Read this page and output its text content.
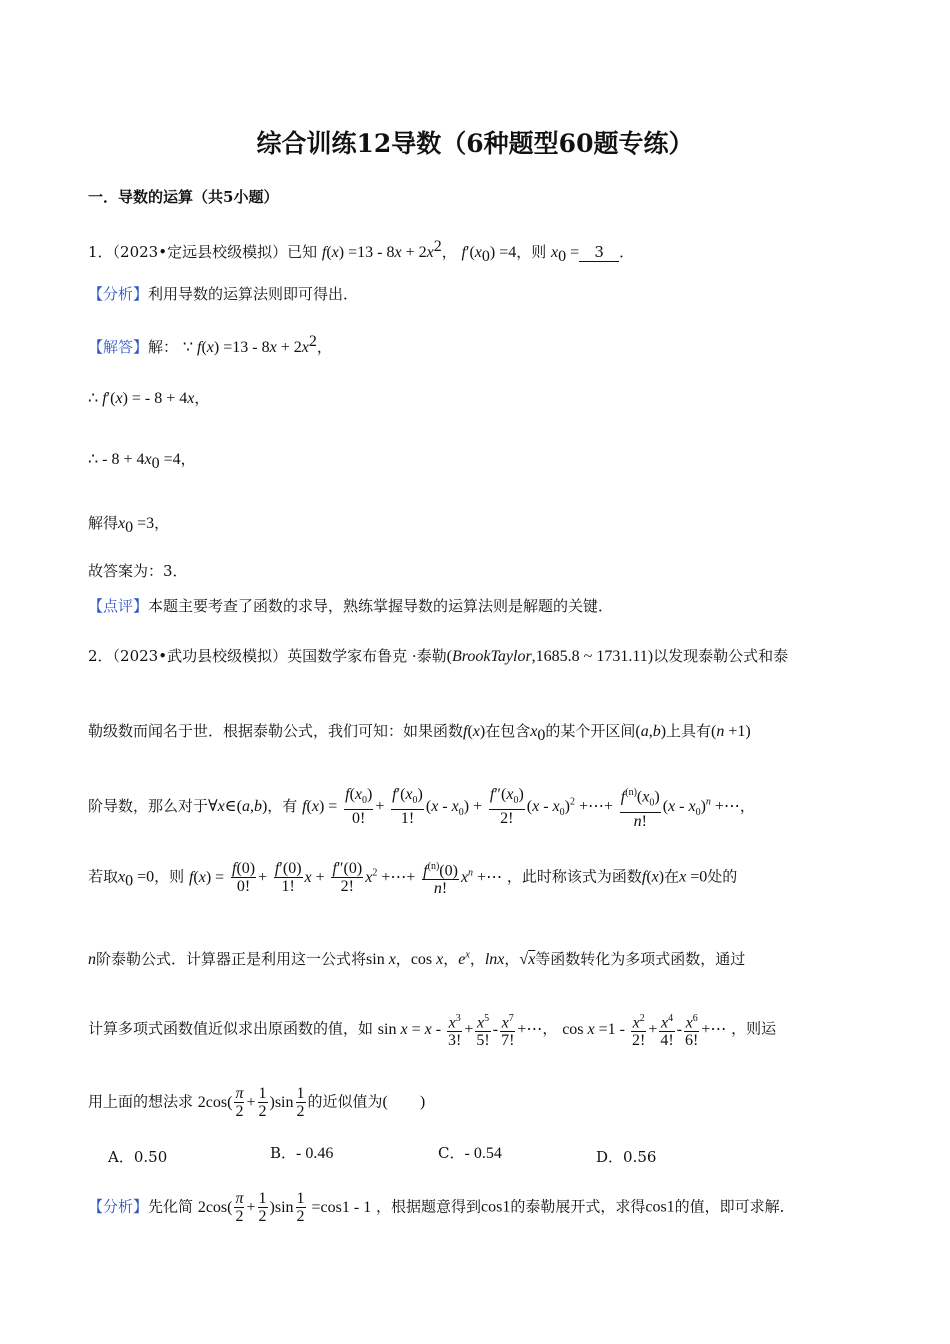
综合训练12导数（6种题型60题专练）
一．导数的运算（共5小题）
1．（2023•定远县校级模拟）已知 $f(x) =13 - 8x + 2x^2$， $f'(x_0) =4$，则 $x_0 = 3$ ．
【分析】利用导数的运算法则即可得出．
【解答】解： ∵ $f(x) =13 - 8x + 2x^2$，
∴ f′(x) = - 8 + 4x，
∴ - $8 + 4x_0 =4$，
解得$x_0 =3$，
故答案为：3．
【点评】本题主要考查了函数的求导，熟练掌握导数的运算法则是解题的关键．
2．（2023•武功县校级模拟）英国数学家布鲁克 ·泰勒(BrookTaylor,1685.8 ~ 1731.11)以发现泰勒公式和泰
勒级数而闻名于世．根据泰勒公式，我们可知：如果函数f(x)在包含$x_0$的某个开区间(a,b)上具有(n +1)
阶导数，那么对于∀x∈(a,b)，有 $f(x) = \frac{f(x_0)}{0!} + \frac{f'(x_0)}{1!} (x - x_0) + \frac{f''(x_0)}{2!} (x - x_0)^2$ +⋯+ $\frac{f^{(n)}(x_0)}{n!} (x - x_0)^n$ +⋯，
若取$x_0 =0$，则 $f(x) = \frac{f(0)}{0!} + \frac{f'(0)}{1!}$ $x + \frac{f''(0)}{2!} x^2$ +⋯+ $\frac{f^{(n)}(0)}{n!} x^n$ +⋯ ，此时称该式为函数f(x)在x =0处的
n阶泰勒公式．计算器正是利用这一公式将sin x，cos x，$e^x$，lnx，√x等函数转化为多项式函数，通过
计算多项式函数值近似求出原函数的值，如 $\sin x = x - \frac{x^3}{3!} + \frac{x^5}{5!} - \frac{x^7}{7!}$ +⋯， $\cos x =1 - \frac{x^2}{2!} + \frac{x^4}{4!} - \frac{x^6}{6!}$ +⋯ ，则运
用上面的想法求 $2\cos( \frac{\pi}{2} + \frac{1}{2} )\sin \frac{1}{2}$ 的近似值为(　　)
A．0.50	B．- 0.46	C．- 0.54	D．0.56
【分析】先化简 $2\cos( \frac{\pi}{2} + \frac{1}{2} )\sin \frac{1}{2} =\cos 1 - 1$ ，根据题意得到cos1的泰勒展开式，求得cos1的值，即可求解．
